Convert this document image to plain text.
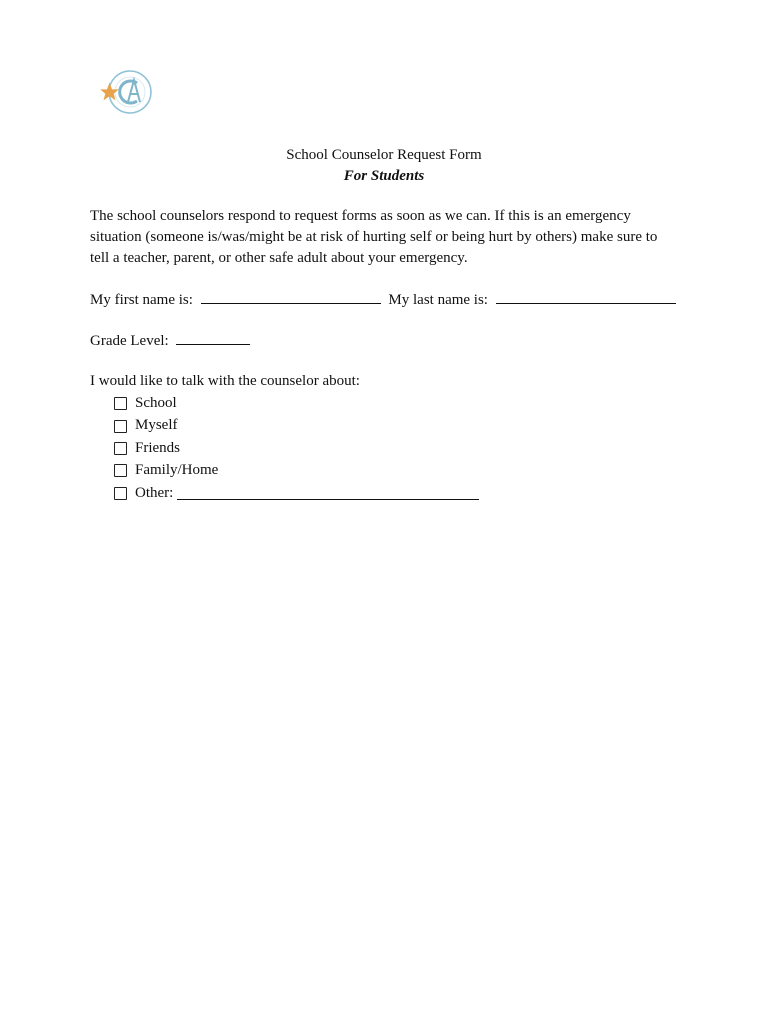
School Counselor Request Form
For Students
The school counselors respond to request forms as soon as we can. If this is an emergency situation (someone is/was/might be at risk of hurting self or being hurt by others) make sure to tell a teacher, parent, or other safe adult about your emergency.
My first name is:	My last name is:
Grade Level:
I would like to talk with the counselor about:
School
Myself
Friends
Family/Home
Other:
